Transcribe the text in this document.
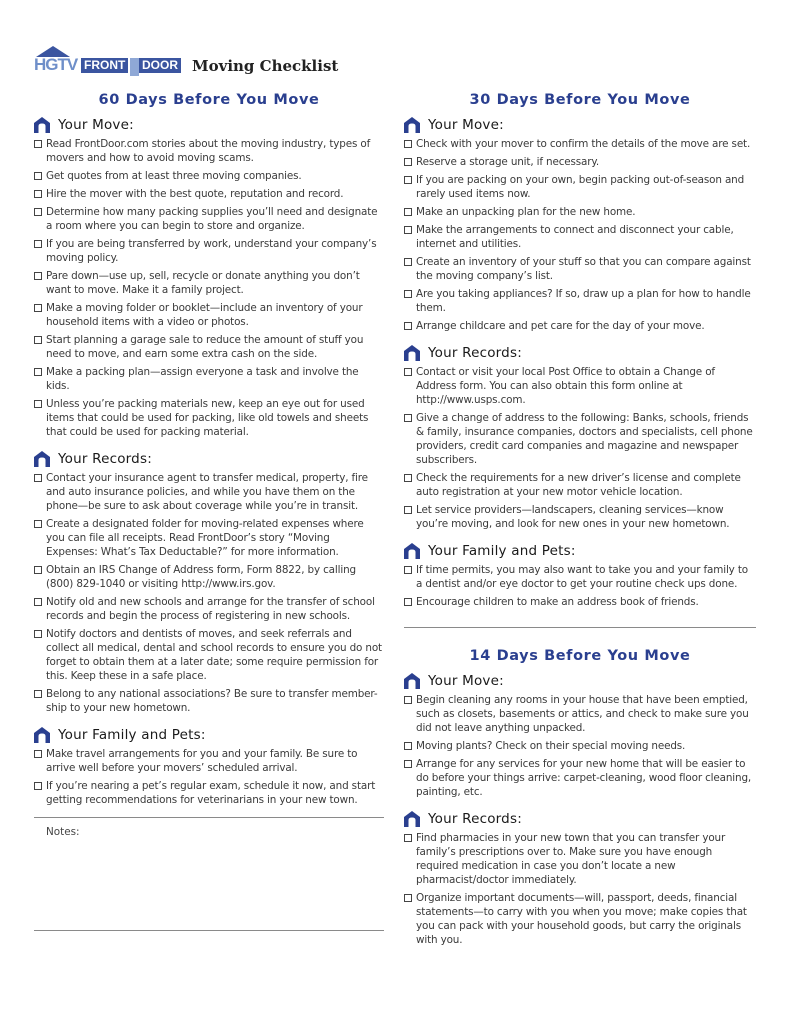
HGTV FRONT DOOR Moving Checklist
60 Days Before You Move
Your Move:
Read FrontDoor.com stories about the moving industry, types of movers and how to avoid moving scams.
Get quotes from at least three moving companies.
Hire the mover with the best quote, reputation and record.
Determine how many packing supplies you’ll need and designate a room where you can begin to store and organize.
If you are being transferred by work, understand your company’s moving policy.
Pare down—use up, sell, recycle or donate anything you don’t want to move. Make it a family project.
Make a moving folder or booklet—include an inventory of your household items with a video or photos.
Start planning a garage sale to reduce the amount of stuff you need to move, and earn some extra cash on the side.
Make a packing plan—assign everyone a task and involve the kids.
Unless you’re packing materials new, keep an eye out for used items that could be used for packing, like old towels and sheets that could be used for packing material.
Your Records:
Contact your insurance agent to transfer medical, property, fire and auto insurance policies, and while you have them on the phone—be sure to ask about coverage while you’re in transit.
Create a designated folder for moving-related expenses where you can file all receipts. Read FrontDoor’s story “Moving Expenses: What’s Tax Deductable?” for more information.
Obtain an IRS Change of Address form, Form 8822, by calling (800) 829-1040 or visiting http://www.irs.gov.
Notify old and new schools and arrange for the transfer of school records and begin the process of registering in new schools.
Notify doctors and dentists of moves, and seek referrals and collect all medical, dental and school records to ensure you do not forget to obtain them at a later date; some require permission for this. Keep these in a safe place.
Belong to any national associations? Be sure to transfer member-ship to your new hometown.
Your Family and Pets:
Make travel arrangements for you and your family. Be sure to arrive well before your movers’ scheduled arrival.
If you’re nearing a pet’s regular exam, schedule it now, and start getting recommendations for veterinarians in your new town.
Notes:
30 Days Before You Move
Your Move:
Check with your mover to confirm the details of the move are set.
Reserve a storage unit, if necessary.
If you are packing on your own, begin packing out-of-season and rarely used items now.
Make an unpacking plan for the new home.
Make the arrangements to connect and disconnect your cable, internet and utilities.
Create an inventory of your stuff so that you can compare against the moving company’s list.
Are you taking appliances? If so, draw up a plan for how to handle them.
Arrange childcare and pet care for the day of your move.
Your Records:
Contact or visit your local Post Office to obtain a Change of Address form. You can also obtain this form online at http://www.usps.com.
Give a change of address to the following: Banks, schools, friends & family, insurance companies, doctors and specialists, cell phone providers, credit card companies and magazine and newspaper subscribers.
Check the requirements for a new driver’s license and complete auto registration at your new motor vehicle location.
Let service providers—landscapers, cleaning services—know you’re moving, and look for new ones in your new hometown.
Your Family and Pets:
If time permits, you may also want to take you and your family to a dentist and/or eye doctor to get your routine check ups done.
Encourage children to make an address book of friends.
14 Days Before You Move
Your Move:
Begin cleaning any rooms in your house that have been emptied, such as closets, basements or attics, and check to make sure you did not leave anything unpacked.
Moving plants? Check on their special moving needs.
Arrange for any services for your new home that will be easier to do before your things arrive: carpet-cleaning, wood floor cleaning, painting, etc.
Your Records:
Find pharmacies in your new town that you can transfer your family’s prescriptions over to. Make sure you have enough required medication in case you don’t locate a new pharmacist/doctor immediately.
Organize important documents—will, passport, deeds, financial statements—to carry with you when you move; make copies that you can pack with your household goods, but carry the originals with you.
